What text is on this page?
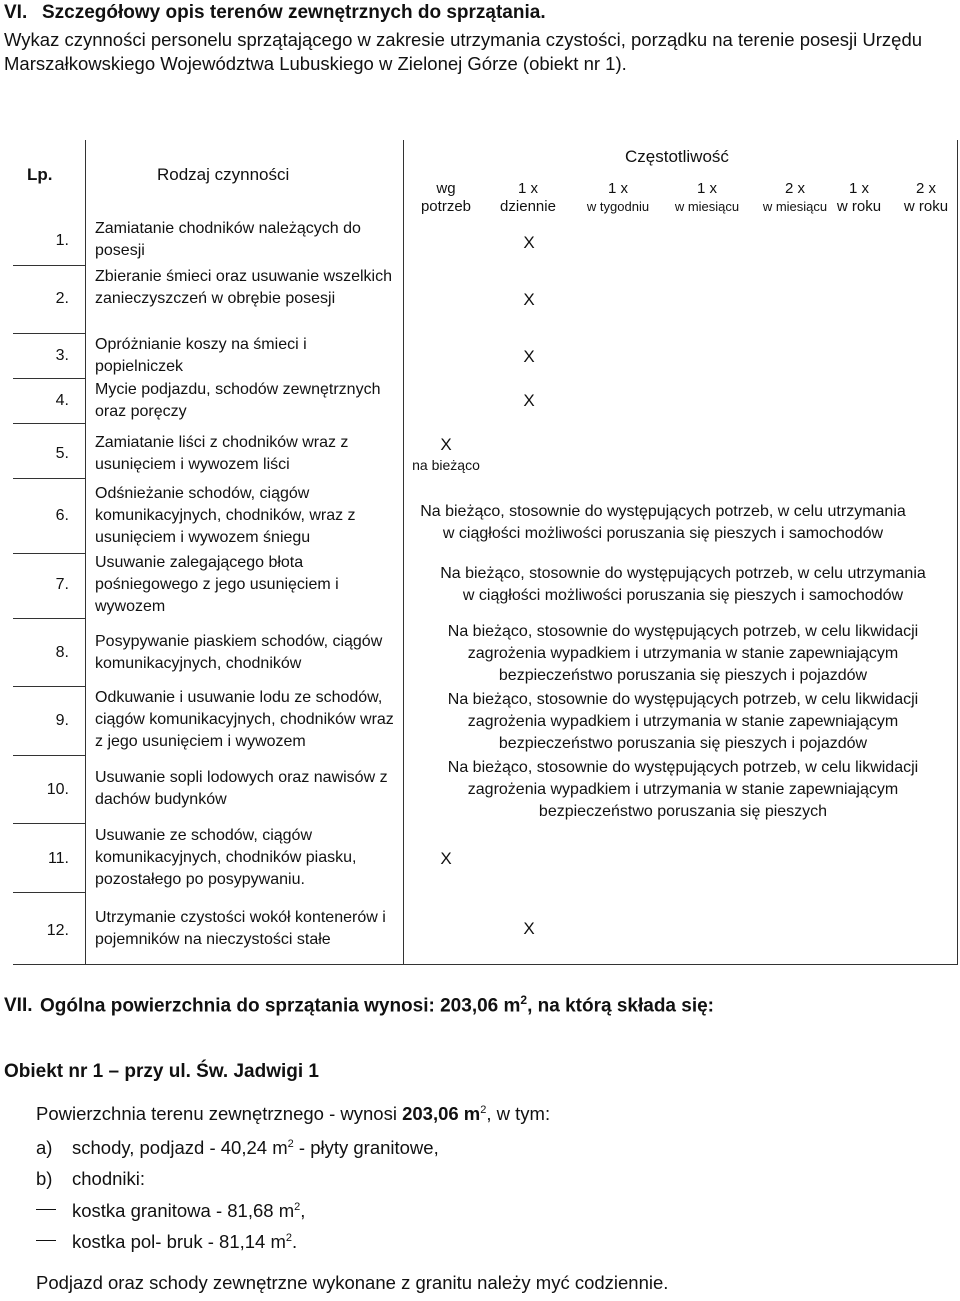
VI. Szczegółowy opis terenów zewnętrznych do sprzątania.
Wykaz czynności personelu sprzątającego w zakresie utrzymania czystości, porządku na terenie posesji Urzędu Marszałkowskiego Województwa Lubuskiego w Zielonej Górze (obiekt nr 1).
Lp.	Rodzaj czynności
Częstotliwość
wg
potrzeb
1 x
dziennie
1 x
w tygodniu
1 x
w miesiącu
2 x
w miesiącu
1 x
w roku
2 x
w roku
1.
2.
3.
4.
5.
6.
7.
8.
9.
10.
11.
12.
Zamiatanie chodników należących do posesji
Zbieranie śmieci oraz usuwanie wszelkich zanieczyszczeń w obrębie posesji
Opróżnianie koszy na śmieci i popielniczek
Mycie podjazdu, schodów zewnętrznych oraz poręczy
Zamiatanie liści z chodników wraz z usunięciem i wywozem liści
Odśnieżanie schodów, ciągów komunikacyjnych, chodników, wraz z usunięciem i wywozem śniegu
Usuwanie zalegającego błota pośniegowego z jego usunięciem i wywozem
Posypywanie piaskiem schodów, ciągów komunikacyjnych, chodników
Odkuwanie i usuwanie lodu ze schodów, ciągów komunikacyjnych, chodników wraz z jego usunięciem i wywozem
Usuwanie sopli lodowych oraz nawisów z dachów budynków
Usuwanie ze schodów, ciągów komunikacyjnych, chodników piasku, pozostałego po posypywaniu.
Utrzymanie czystości wokół kontenerów i pojemników na nieczystości stałe
X
X
X
X
X
na bieżąco
X
X
Na bieżąco, stosownie do występujących potrzeb, w celu utrzymania w ciągłości możliwości poruszania się pieszych i samochodów
Na bieżąco, stosownie do występujących potrzeb, w celu utrzymania w ciągłości możliwości poruszania się pieszych i samochodów
Na bieżąco, stosownie do występujących potrzeb, w celu likwidacji zagrożenia wypadkiem i utrzymania w stanie zapewniającym bezpieczeństwo poruszania się pieszych i pojazdów
Na bieżąco, stosownie do występujących potrzeb, w celu likwidacji zagrożenia wypadkiem i utrzymania w stanie zapewniającym bezpieczeństwo poruszania się pieszych i pojazdów
Na bieżąco, stosownie do występujących potrzeb, w celu likwidacji zagrożenia wypadkiem i utrzymania w stanie zapewniającym bezpieczeństwo poruszania się pieszych
VII. Ogólna powierzchnia do sprzątania wynosi: 203,06 $m^2$, na którą składa się:
Obiekt nr 1 – przy ul. Św. Jadwigi 1
Powierzchnia terenu zewnętrznego - wynosi 203,06 $m^2$, w tym:
a) schody, podjazd - 40,24 $m^2$ - płyty granitowe,
b) chodniki:
kostka granitowa - 81,68 $m^2$,
kostka pol- bruk - 81,14 $m^2$.
Podjazd oraz schody zewnętrzne wykonane z granitu należy myć codziennie.
